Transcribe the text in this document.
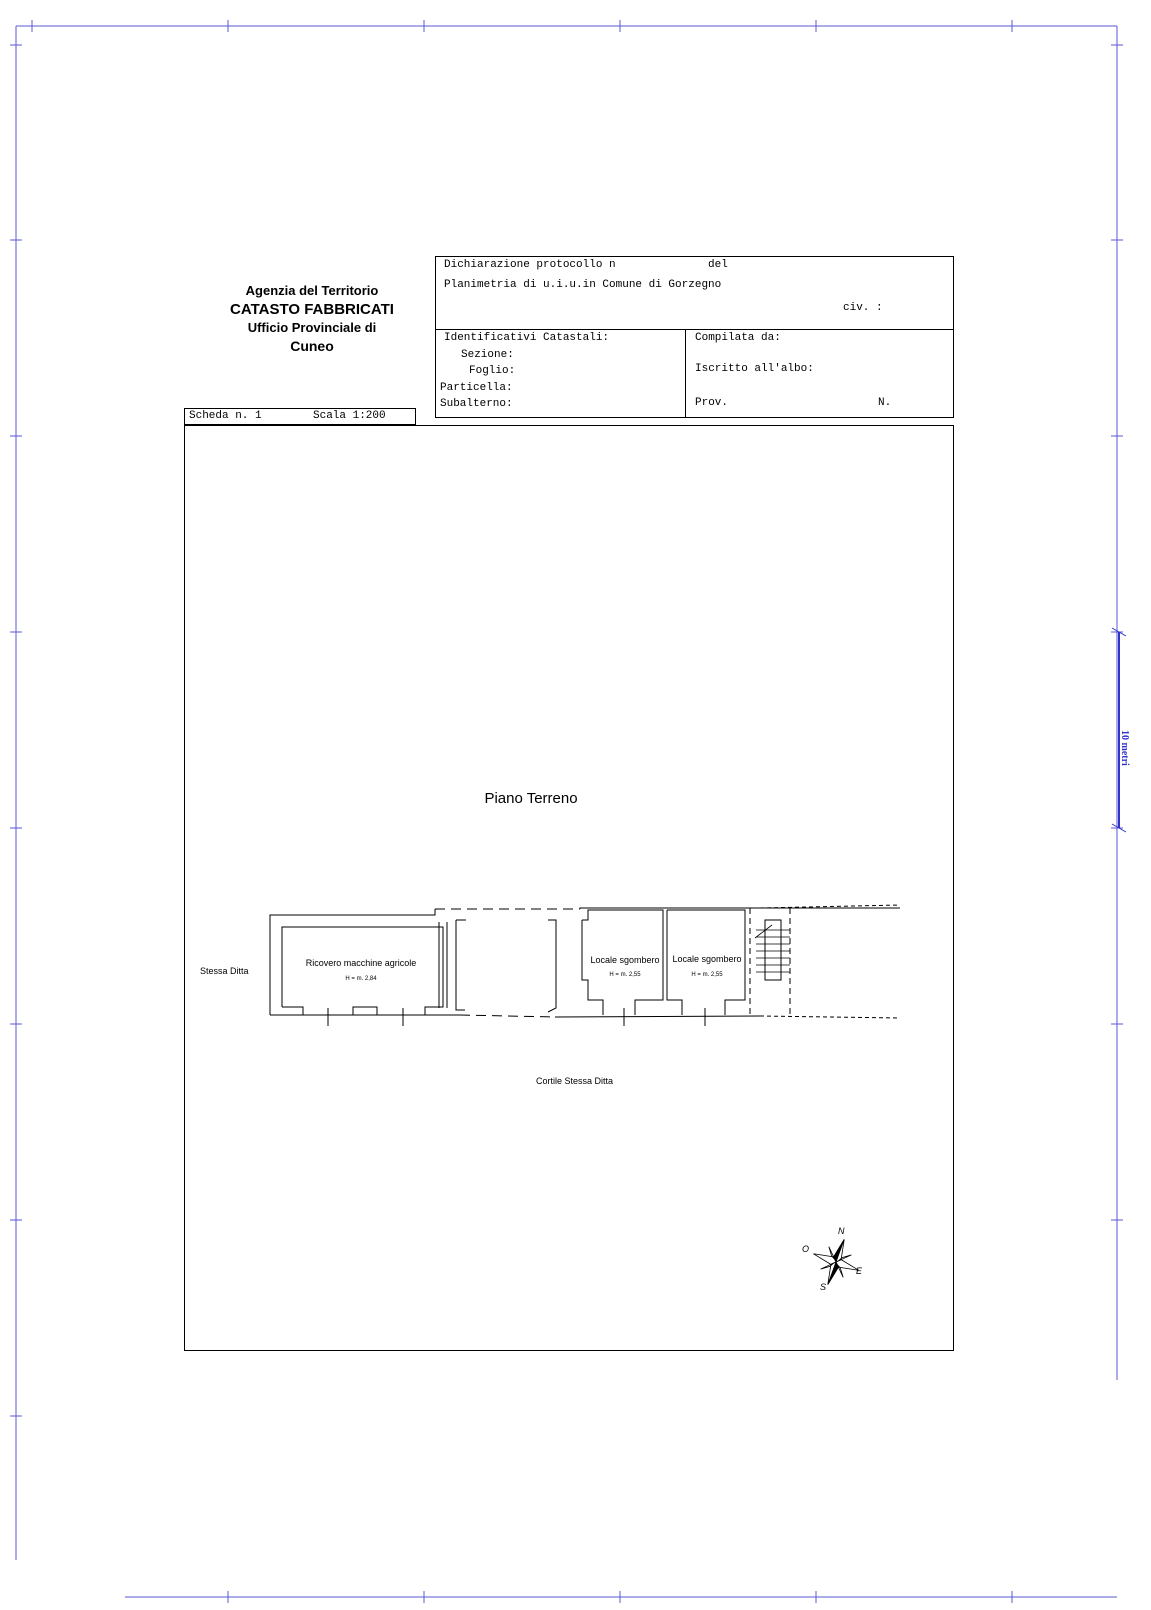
10 metri
Agenzia del Territorio
CATASTO FABBRICATI
Ufficio Provinciale di
Cuneo
Dichiarazione protocollo n	del
Planimetria di u.i.u.in Comune di Gorzegno
civ. :
Identificativi Catastali:
Sezione:
Foglio:
Particella:
Subalterno:
Compilata da:
Iscritto all'albo:
Prov.	N.
Scheda n. 1	Scala 1:200
Piano Terreno
Stessa Ditta
Cortile Stessa Ditta
Ricovero macchine agricole
H = m. 2,84
Locale sgombero
H = m. 2,55
Locale sgombero
H = m. 2,55
N
S
E
O
